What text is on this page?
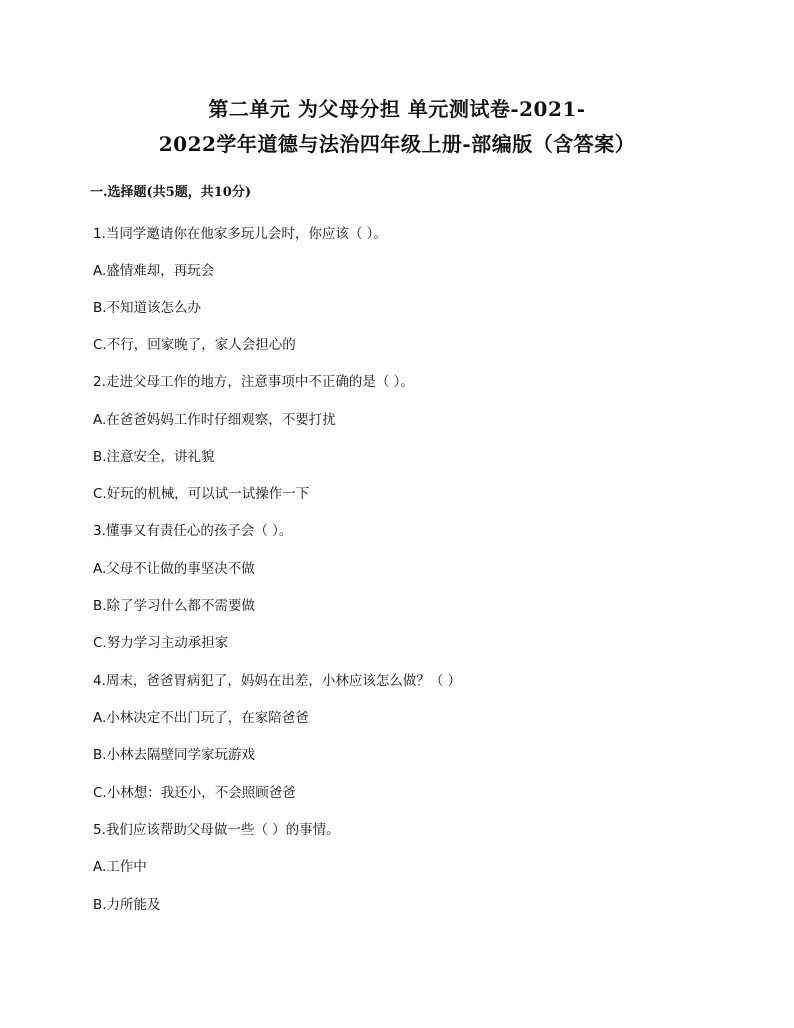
第二单元 为父母分担 单元测试卷-2021-
2022学年道德与法治四年级上册-部编版（含答案）
一.选择题(共5题，共10分)
1.当同学邀请你在他家多玩儿会时，你应该（ ）。
A.盛情难却，再玩会
B.不知道该怎么办
C.不行，回家晚了，家人会担心的
2.走进父母工作的地方，注意事项中不正确的是（ ）。
A.在爸爸妈妈工作时仔细观察，不要打扰
B.注意安全，讲礼貌
C.好玩的机械，可以试一试操作一下
3.懂事又有责任心的孩子会（ ）。
A.父母不让做的事坚决不做
B.除了学习什么都不需要做
C.努力学习主动承担家
4.周末，爸爸胃病犯了，妈妈在出差，小林应该怎么做？（ ）
A.小林决定不出门玩了，在家陪爸爸
B.小林去隔壁同学家玩游戏
C.小林想：我还小，不会照顾爸爸
5.我们应该帮助父母做一些（ ）的事情。
A.工作中
B.力所能及
